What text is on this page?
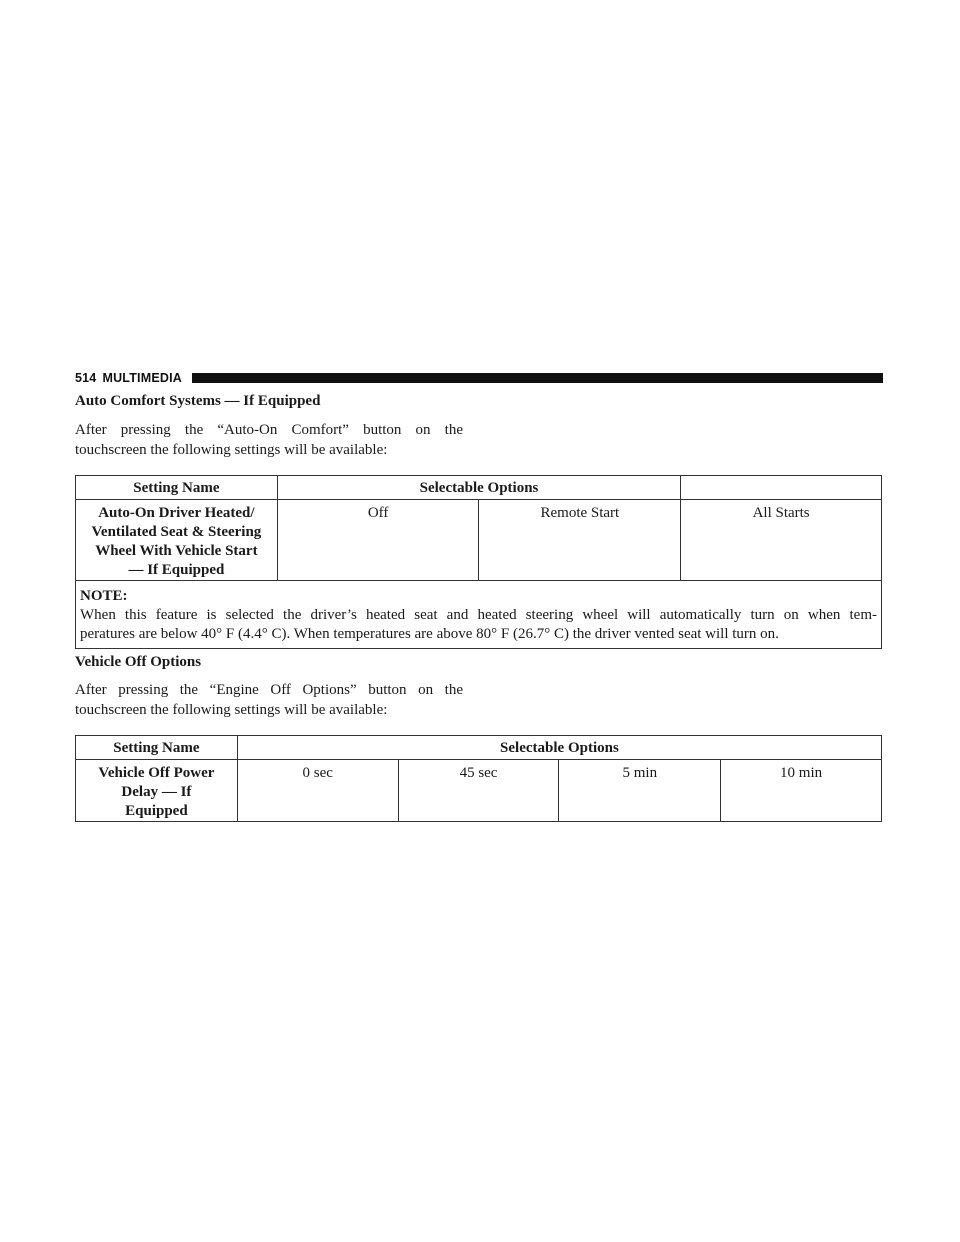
514 MULTIMEDIA
Auto Comfort Systems — If Equipped

After pressing the “Auto-On Comfort” button on the
touchscreen the following settings will be available:

Setting Name	Selectable Options		

Auto-On Driver Heated/
Ventilated Seat & Steering
Wheel With Vehicle Start
— If Equipped	Off	Remote Start	All Starts

NOTE:
When this feature is selected the driver’s heated seat and heated steering wheel will automatically turn on when tem-
peratures are below 40° F (4.4° C). When temperatures are above 80° F (26.7° C) the driver vented seat will turn on.			
Vehicle Off Options

After pressing the “Engine Off Options” button on the
touchscreen the following settings will be available:

Setting Name	Selectable Options			

Vehicle Off Power
Delay — If
Equipped	0 sec	45 sec	5 min	10 min
